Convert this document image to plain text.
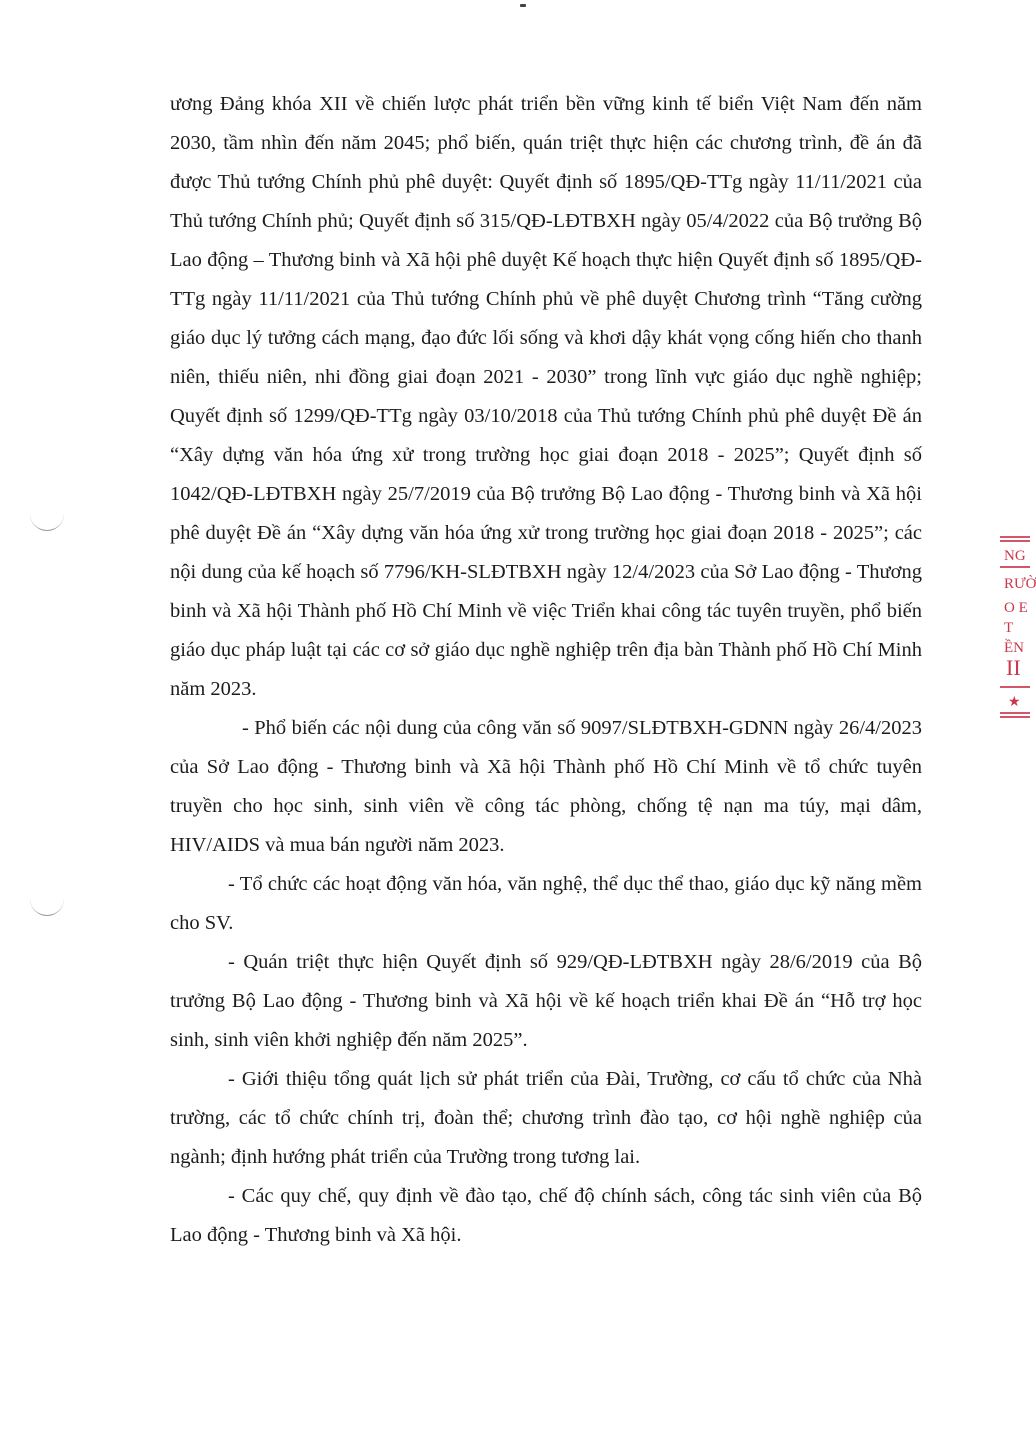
ương Đảng khóa XII về chiến lược phát triển bền vững kinh tế biển Việt Nam đến năm 2030, tầm nhìn đến năm 2045; phổ biến, quán triệt thực hiện các chương trình, đề án đã được Thủ tướng Chính phủ phê duyệt: Quyết định số 1895/QĐ-TTg ngày 11/11/2021 của Thủ tướng Chính phủ; Quyết định số 315/QĐ-LĐTBXH ngày 05/4/2022 của Bộ trưởng Bộ Lao động – Thương binh và Xã hội phê duyệt Kế hoạch thực hiện Quyết định số 1895/QĐ-TTg ngày 11/11/2021 của Thủ tướng Chính phủ về phê duyệt Chương trình “Tăng cường giáo dục lý tưởng cách mạng, đạo đức lối sống và khơi dậy khát vọng cống hiến cho thanh niên, thiếu niên, nhi đồng giai đoạn 2021 - 2030” trong lĩnh vực giáo dục nghề nghiệp; Quyết định số 1299/QĐ-TTg ngày 03/10/2018 của Thủ tướng Chính phủ phê duyệt Đề án “Xây dựng văn hóa ứng xử trong trường học giai đoạn 2018 - 2025”; Quyết định số 1042/QĐ-LĐTBXH ngày 25/7/2019 của Bộ trưởng Bộ Lao động - Thương binh và Xã hội phê duyệt Đề án “Xây dựng văn hóa ứng xử trong trường học giai đoạn 2018 - 2025”; các nội dung của kế hoạch số 7796/KH-SLĐTBXH ngày 12/4/2023 của Sở Lao động - Thương binh và Xã hội Thành phố Hồ Chí Minh về việc Triển khai công tác tuyên truyền, phổ biến giáo dục pháp luật tại các cơ sở giáo dục nghề nghiệp trên địa bàn Thành phố Hồ Chí Minh năm 2023.

- Phổ biến các nội dung của công văn số 9097/SLĐTBXH-GDNN ngày 26/4/2023 của Sở Lao động - Thương binh và Xã hội Thành phố Hồ Chí Minh về tổ chức tuyên truyền cho học sinh, sinh viên về công tác phòng, chống tệ nạn ma túy, mại dâm, HIV/AIDS và mua bán người năm 2023.

- Tổ chức các hoạt động văn hóa, văn nghệ, thể dục thể thao, giáo dục kỹ năng mềm cho SV.

- Quán triệt thực hiện Quyết định số 929/QĐ-LĐTBXH ngày 28/6/2019 của Bộ trưởng Bộ Lao động - Thương binh và Xã hội về kế hoạch triển khai Đề án “Hỗ trợ học sinh, sinh viên khởi nghiệp đến năm 2025”.

- Giới thiệu tổng quát lịch sử phát triển của Đài, Trường, cơ cấu tổ chức của Nhà trường, các tổ chức chính trị, đoàn thể; chương trình đào tạo, cơ hội nghề nghiệp của ngành; định hướng phát triển của Trường trong tương lai.

- Các quy chế, quy định về đào tạo, chế độ chính sách, công tác sinh viên của Bộ Lao động - Thương binh và Xã hội.

NG
RƯỜ
O E
T
ỀN
II
★
